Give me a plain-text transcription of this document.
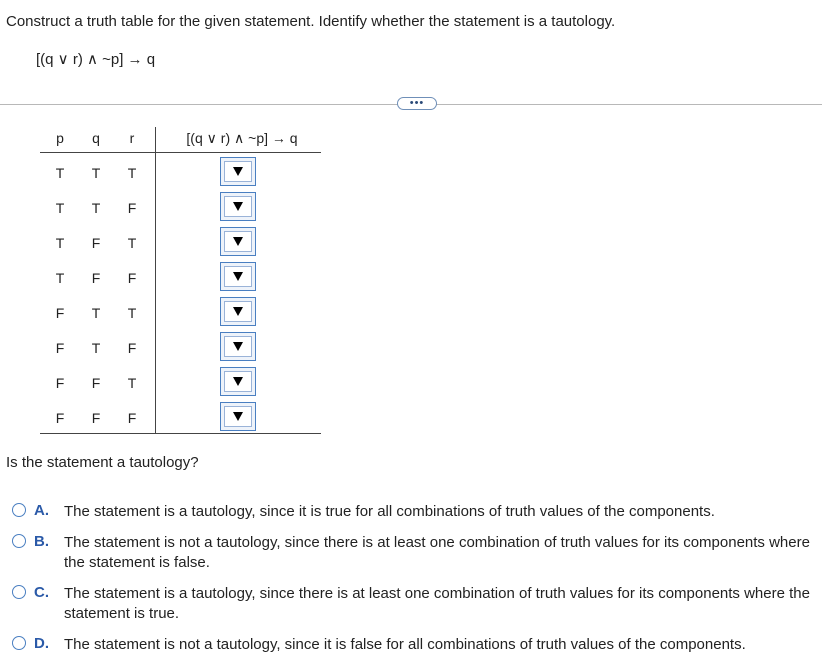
Construct a truth table for the given statement. Identify whether the statement is a tautology.
[(q ∨ r) ∧ ~p] → q
•••
p	q	r	[(q ∨ r) ∧ ~p] → q
T	T	T
T	T	F
T	F	T
T	F	F
F	T	T
F	T	F
F	F	T
F	F	F
Is the statement a tautology?
A. The statement is a tautology, since it is true for all combinations of truth values of the components.
B. The statement is not a tautology, since there is at least one combination of truth values for its components where the statement is false.
C. The statement is a tautology, since there is at least one combination of truth values for its components where the statement is true.
D. The statement is not a tautology, since it is false for all combinations of truth values of the components.
